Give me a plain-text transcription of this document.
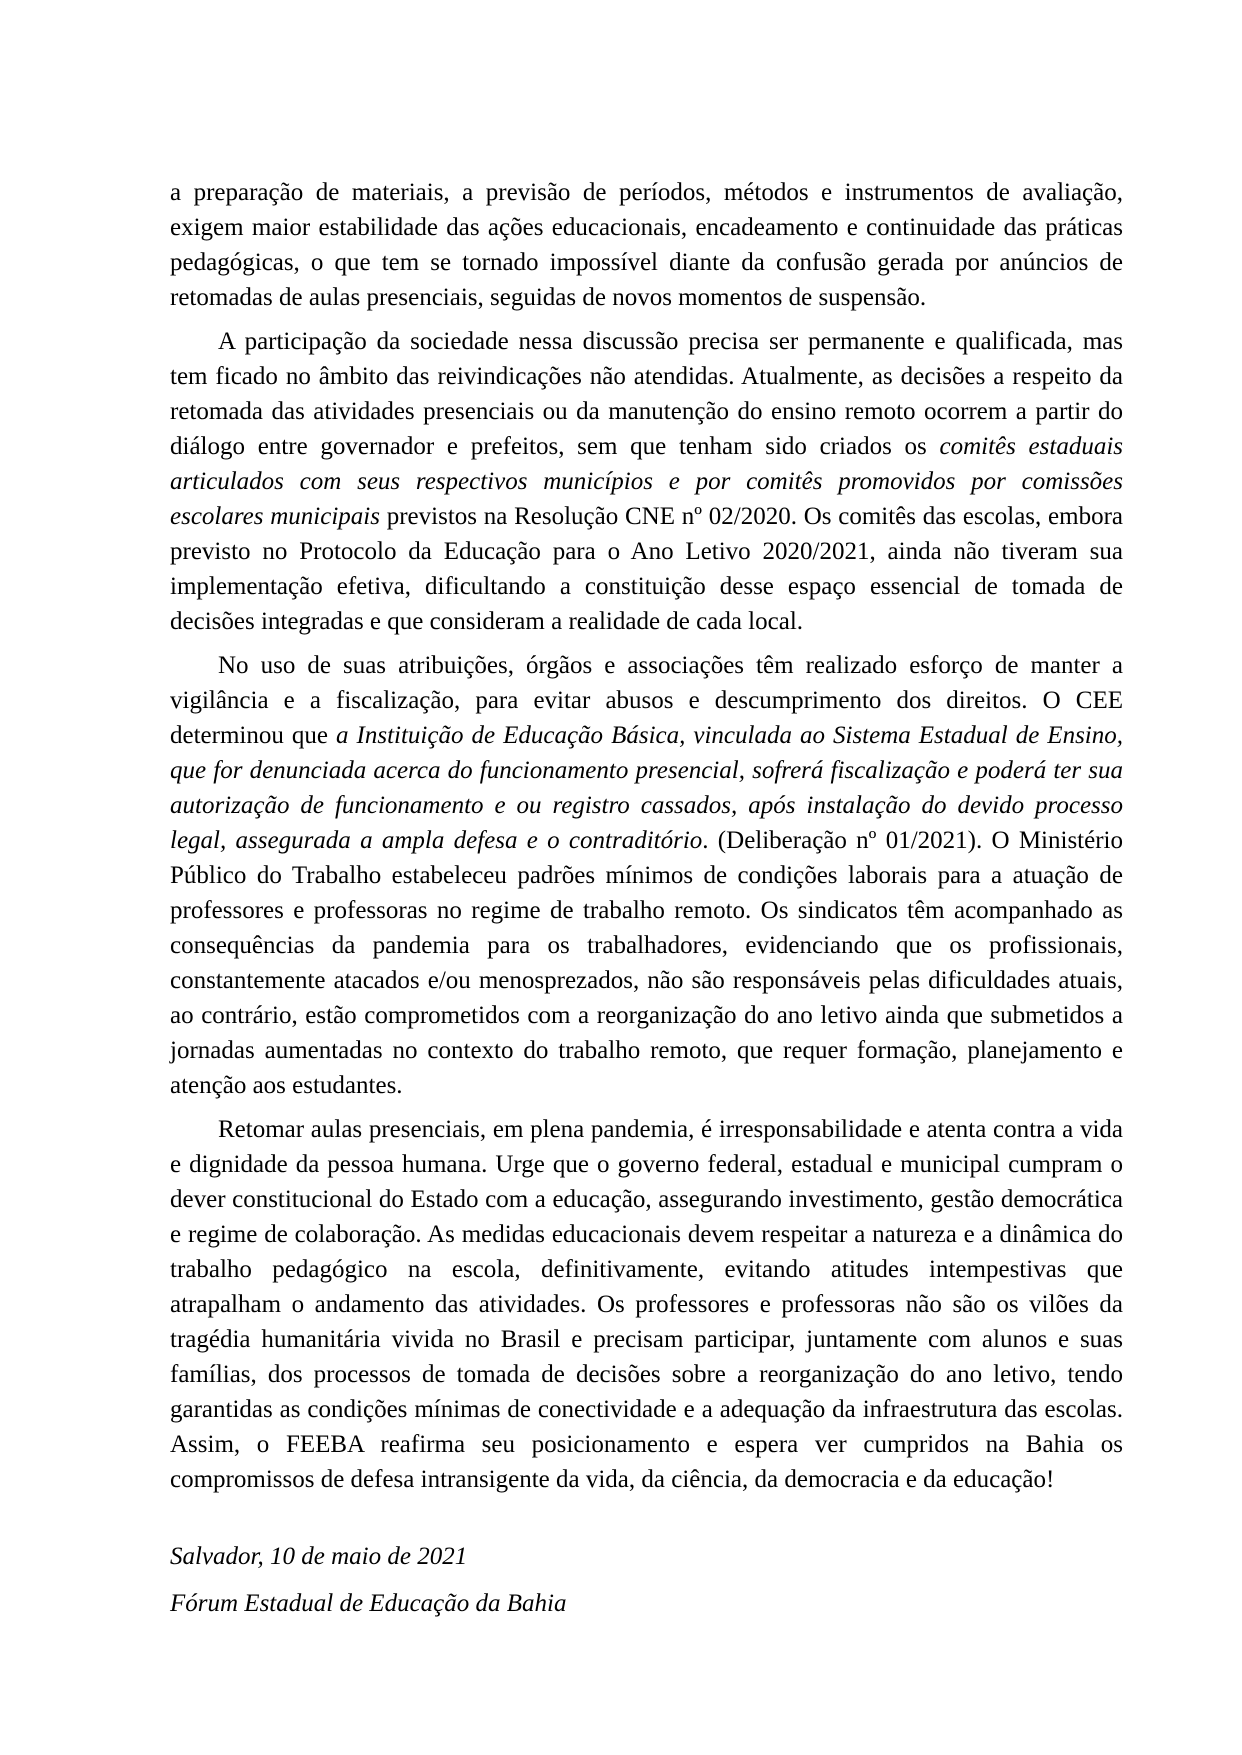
a preparação de materiais, a previsão de períodos, métodos e instrumentos de avaliação, exigem maior estabilidade das ações educacionais, encadeamento e continuidade das práticas pedagógicas, o que tem se tornado impossível diante da confusão gerada por anúncios de retomadas de aulas presenciais, seguidas de novos momentos de suspensão.

A participação da sociedade nessa discussão precisa ser permanente e qualificada, mas tem ficado no âmbito das reivindicações não atendidas. Atualmente, as decisões a respeito da retomada das atividades presenciais ou da manutenção do ensino remoto ocorrem a partir do diálogo entre governador e prefeitos, sem que tenham sido criados os comitês estaduais articulados com seus respectivos municípios e por comitês promovidos por comissões escolares municipais previstos na Resolução CNE nº 02/2020. Os comitês das escolas, embora previsto no Protocolo da Educação para o Ano Letivo 2020/2021, ainda não tiveram sua implementação efetiva, dificultando a constituição desse espaço essencial de tomada de decisões integradas e que consideram a realidade de cada local.

No uso de suas atribuições, órgãos e associações têm realizado esforço de manter a vigilância e a fiscalização, para evitar abusos e descumprimento dos direitos. O CEE determinou que a Instituição de Educação Básica, vinculada ao Sistema Estadual de Ensino, que for denunciada acerca do funcionamento presencial, sofrerá fiscalização e poderá ter sua autorização de funcionamento e ou registro cassados, após instalação do devido processo legal, assegurada a ampla defesa e o contraditório. (Deliberação nº 01/2021). O Ministério Público do Trabalho estabeleceu padrões mínimos de condições laborais para a atuação de professores e professoras no regime de trabalho remoto. Os sindicatos têm acompanhado as consequências da pandemia para os trabalhadores, evidenciando que os profissionais, constantemente atacados e/ou menosprezados, não são responsáveis pelas dificuldades atuais, ao contrário, estão comprometidos com a reorganização do ano letivo ainda que submetidos a jornadas aumentadas no contexto do trabalho remoto, que requer formação, planejamento e atenção aos estudantes.

Retomar aulas presenciais, em plena pandemia, é irresponsabilidade e atenta contra a vida e dignidade da pessoa humana. Urge que o governo federal, estadual e municipal cumpram o dever constitucional do Estado com a educação, assegurando investimento, gestão democrática e regime de colaboração. As medidas educacionais devem respeitar a natureza e a dinâmica do trabalho pedagógico na escola, definitivamente, evitando atitudes intempestivas que atrapalham o andamento das atividades. Os professores e professoras não são os vilões da tragédia humanitária vivida no Brasil e precisam participar, juntamente com alunos e suas famílias, dos processos de tomada de decisões sobre a reorganização do ano letivo, tendo garantidas as condições mínimas de conectividade e a adequação da infraestrutura das escolas. Assim, o FEEBA reafirma seu posicionamento e espera ver cumpridos na Bahia os compromissos de defesa intransigente da vida, da ciência, da democracia e da educação!

Salvador, 10 de maio de 2021

Fórum Estadual de Educação da Bahia
